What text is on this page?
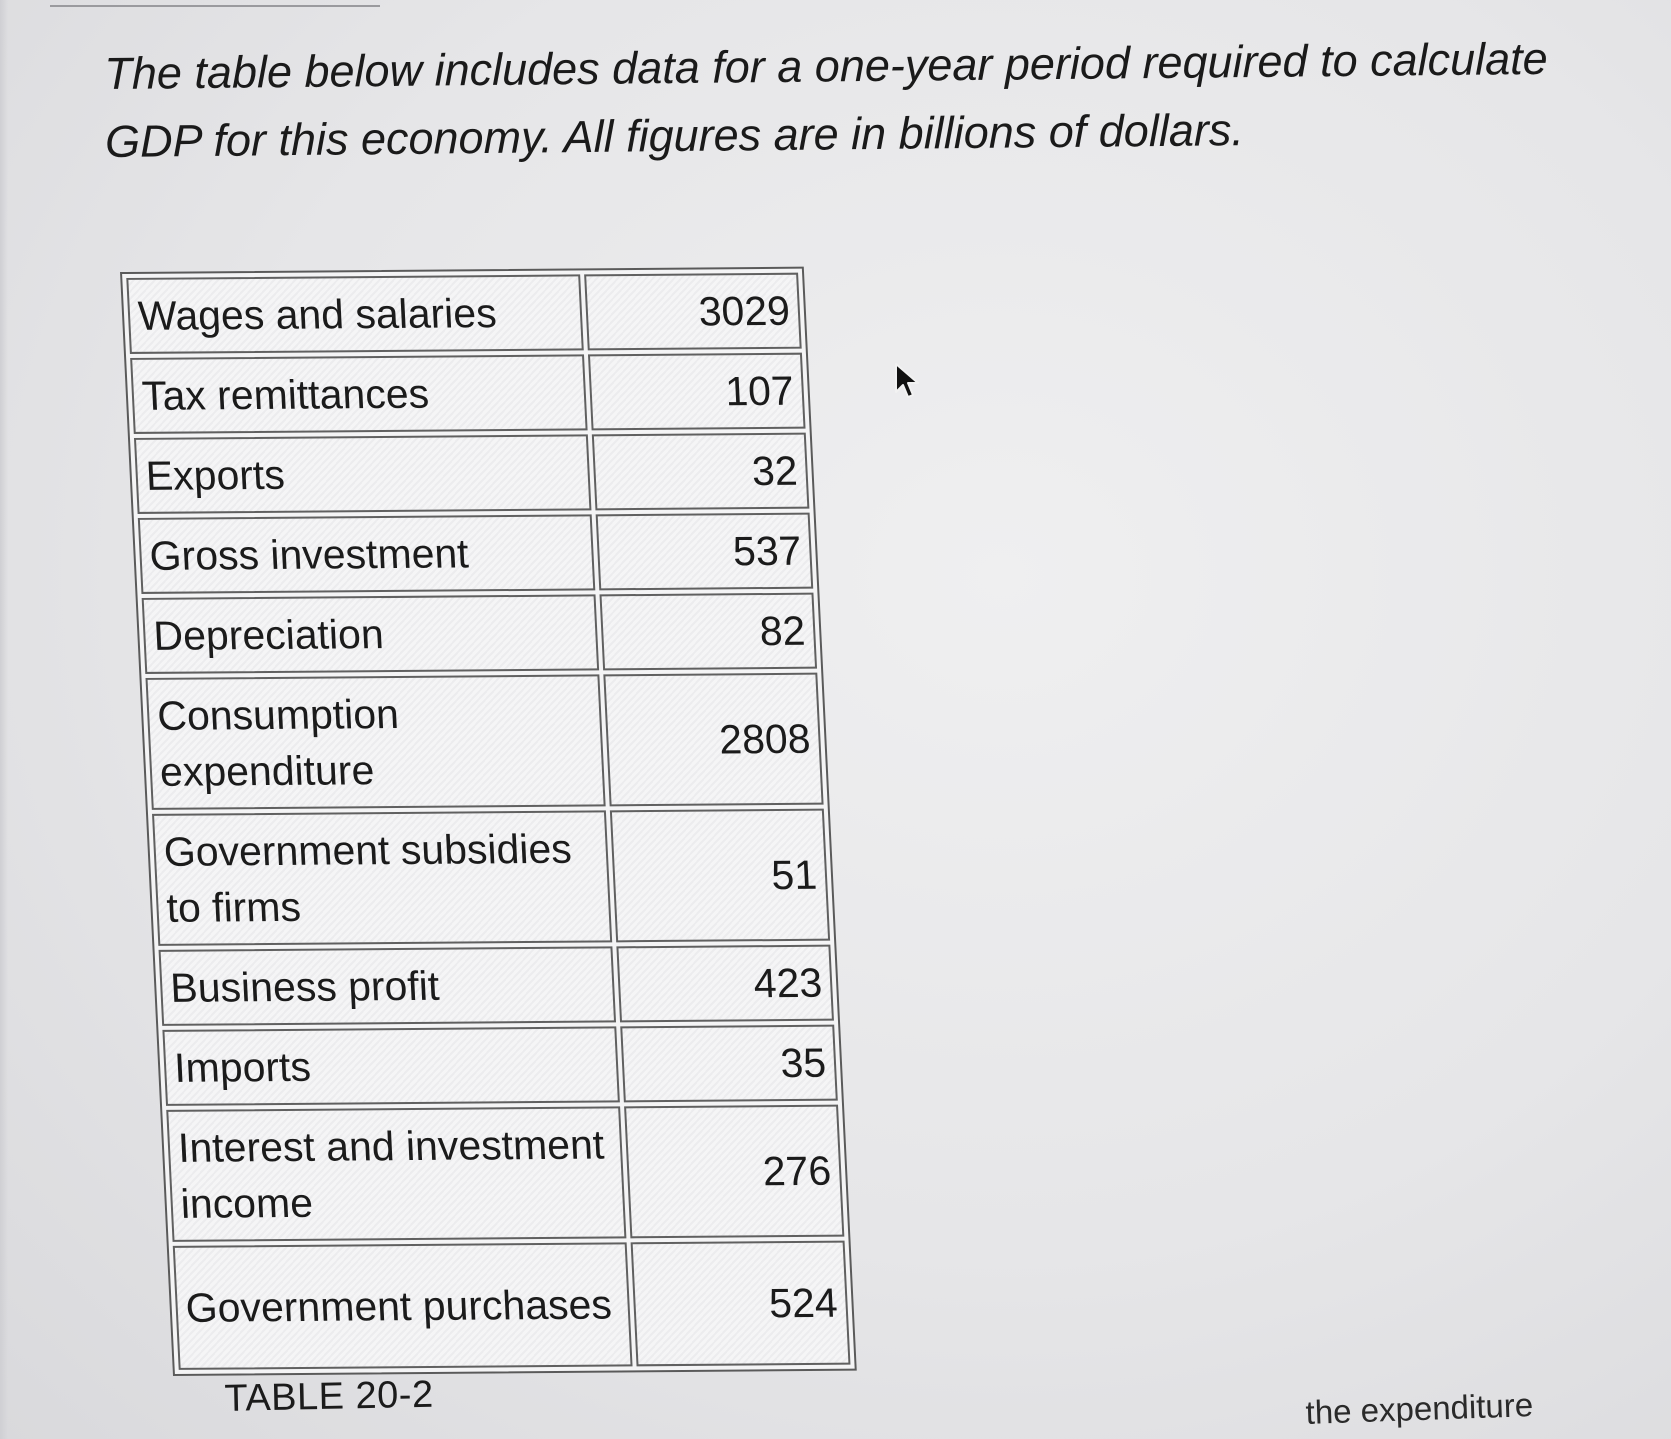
The table below includes data for a one-year period required to calculate GDP for this economy. All figures are in billions of dollars.

Wages and salaries	3029
Tax remittances	107
Exports	32
Gross investment	537
Depreciation	82
Consumption expenditure	2808
Government subsidies to firms	51
Business profit	423
Imports	35
Interest and investment income	276
Government purchases	524
TABLE 20-2	the expenditure
